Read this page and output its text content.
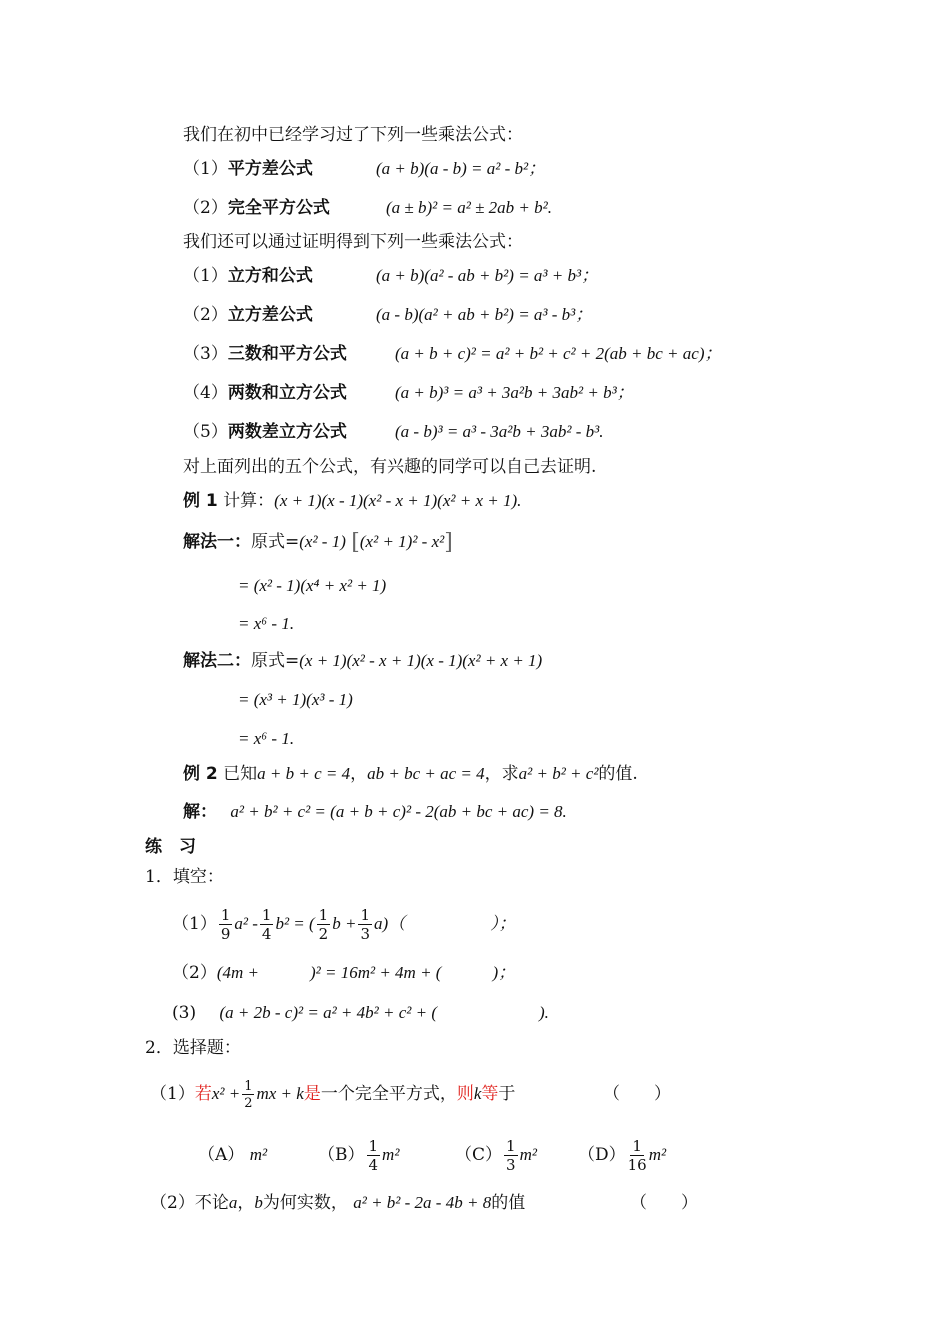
我们在初中已经学习过了下列一些乘法公式：
（1）平方差公式	(a + b)(a - b) = a² - b²；
（2）完全平方公式	(a ± b)² = a² ± 2ab + b².
我们还可以通过证明得到下列一些乘法公式：
（1）立方和公式	(a + b)(a² - ab + b²) = a³ + b³；
（2）立方差公式	(a - b)(a² + ab + b²) = a³ - b³；
（3）三数和平方公式	(a + b + c)² = a² + b² + c² + 2(ab + bc + ac)；
（4）两数和立方公式	(a + b)³ = a³ + 3a²b + 3ab² + b³；
（5）两数差立方公式	(a - b)³ = a³ - 3a²b + 3ab² - b³.
对上面列出的五个公式，有兴趣的同学可以自己去证明.
例 1 计算：(x + 1)(x - 1)(x² - x + 1)(x² + x + 1).
解法一：原式=(x² - 1) [(x² + 1)² - x²]
= (x² - 1)(x⁴ + x² + 1)
= x⁶ - 1.
解法二：原式=(x + 1)(x² - x + 1)(x - 1)(x² + x + 1)
= (x³ + 1)(x³ - 1)
= x⁶ - 1.
例 2 已知a + b + c = 4，ab + bc + ac = 4，求a² + b² + c²的值.
解： a² + b² + c² = (a + b + c)² - 2(ab + bc + ac) = 8.
练　习
1．填空：
$(1) \frac{1}{9} a^2 - \frac{1}{4} b^2$ = ( $\frac{1}{2}$ $b + \frac{1}{3} a$)（　　　　　）；
（2）(4m +　　　)² = 16m² + 4m + (　　　)；
(3) (a + 2b - c)² = a² + 4b² + c² + (　　　　　　).
2．选择题：
（1）若$x^2 + \frac{1}{2}$ mx + k是一个完全平方式，则k等于	（　　）
（A） m²	$(B) \frac{1}{4} m^2$	$(C) \frac{1}{3} m^2$ $(D) \frac{1}{16} m^2$
（2）不论a，b为何实数， a² + b² - 2a - 4b + 8的值	（　　）
